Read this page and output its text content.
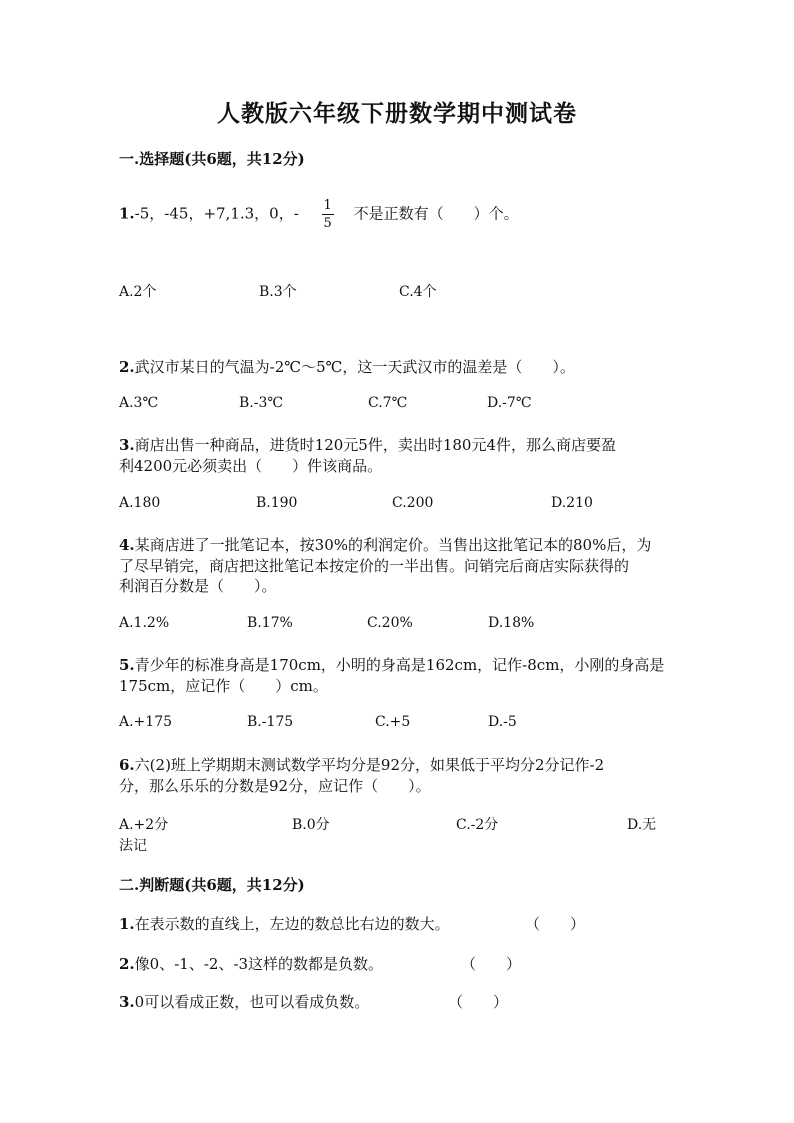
人教版六年级下册数学期中测试卷
一.选择题(共6题，共12分)
1.-5，-45，+7,1.3，0，- $\frac{1}{5}$ 不是正数有（　　）个。
A.2个	B.3个	C.4个
2.武汉市某日的气温为-2℃～5℃，这一天武汉市的温差是（　　）。
A.3℃	B.-3℃	C.7℃	D.-7℃
3.商店出售一种商品，进货时120元5件，卖出时180元4件，那么商店要盈
利4200元必须卖出（　　）件该商品。
A.180	B.190	C.200	D.210
4.某商店进了一批笔记本，按30%的利润定价。当售出这批笔记本的80%后，为
了尽早销完，商店把这批笔记本按定价的一半出售。问销完后商店实际获得的
利润百分数是（　　）。
A.1.2%	B.17%	C.20%	D.18%
5.青少年的标准身高是170cm，小明的身高是162cm，记作-8cm，小刚的身高是
175cm，应记作（　　）cm。
A.+175	B.-175	C.+5	D.-5
6.六(2)班上学期期末测试数学平均分是92分，如果低于平均分2分记作-2
分，那么乐乐的分数是92分，应记作（　　）。
A.+2分	B.0分	C.-2分	D.无
法记
二.判断题(共6题，共12分)
1.在表示数的直线上，左边的数总比右边的数大。	（　　）
2.像0、-1、-2、-3这样的数都是负数。	（　　）
3.0可以看成正数，也可以看成负数。	（　　）
